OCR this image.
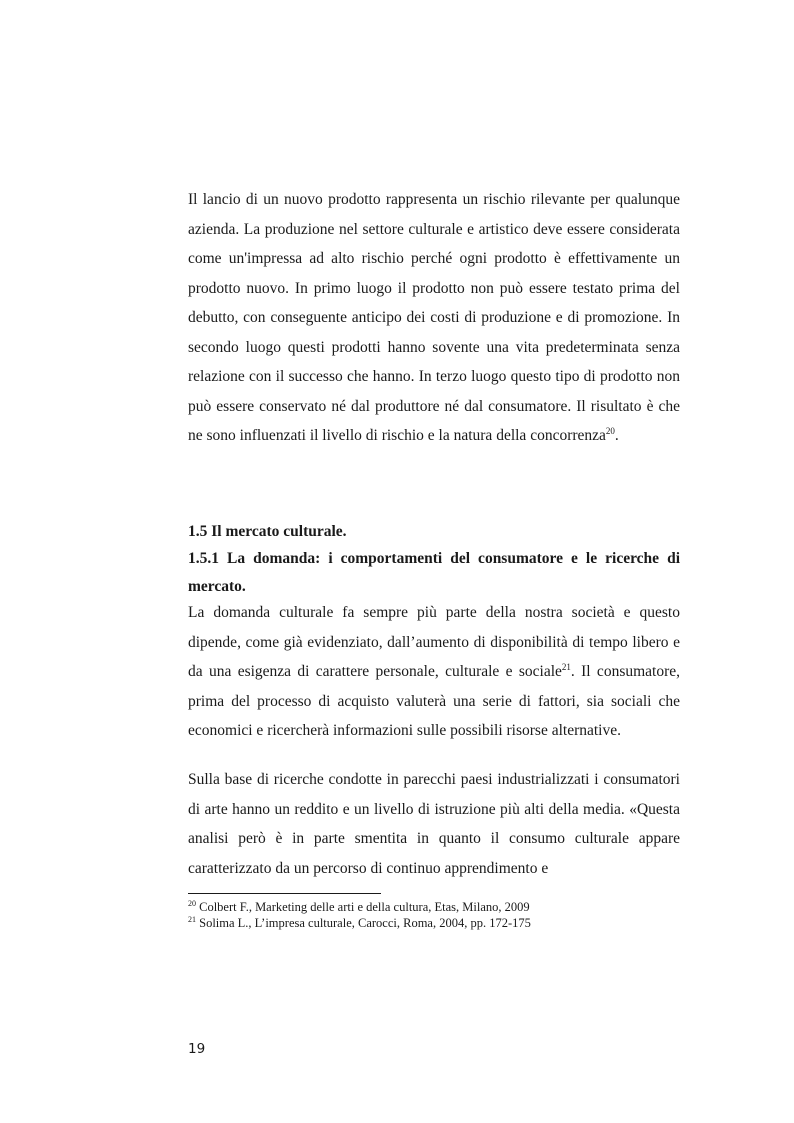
Il lancio di un nuovo prodotto rappresenta un rischio rilevante per qualunque azienda. La produzione nel settore culturale e artistico deve essere considerata come un'impressa ad alto rischio perché ogni prodotto è effettivamente un prodotto nuovo. In primo luogo il prodotto non può essere testato prima del debutto, con conseguente anticipo dei costi di produzione e di promozione. In secondo luogo questi prodotti hanno sovente una vita predeterminata senza relazione con il successo che hanno. In terzo luogo questo tipo di prodotto non può essere conservato né dal produttore né dal consumatore. Il risultato è che ne sono influenzati il livello di rischio e la natura della concorrenza$^{20}$.

1.5 Il mercato culturale.

1.5.1 La domanda: i comportamenti del consumatore e le ricerche di mercato.

La domanda culturale fa sempre più parte della nostra società e questo dipende, come già evidenziato, dall’aumento di disponibilità di tempo libero e da una esigenza di carattere personale, culturale e sociale$^{21}$. Il consumatore, prima del processo di acquisto valuterà una serie di fattori, sia sociali che economici e ricercherà informazioni sulle possibili risorse alternative.

Sulla base di ricerche condotte in parecchi paesi industrializzati i consumatori di arte hanno un reddito e un livello di istruzione più alti della media. «Questa analisi però è in parte smentita in quanto il consumo culturale appare caratterizzato da un percorso di continuo apprendimento e

$^{20}$ Colbert F., Marketing delle arti e della cultura, Etas, Milano, 2009

$^{21}$ Solima L., L’impresa culturale, Carocci, Roma, 2004, pp. 172-175

19
